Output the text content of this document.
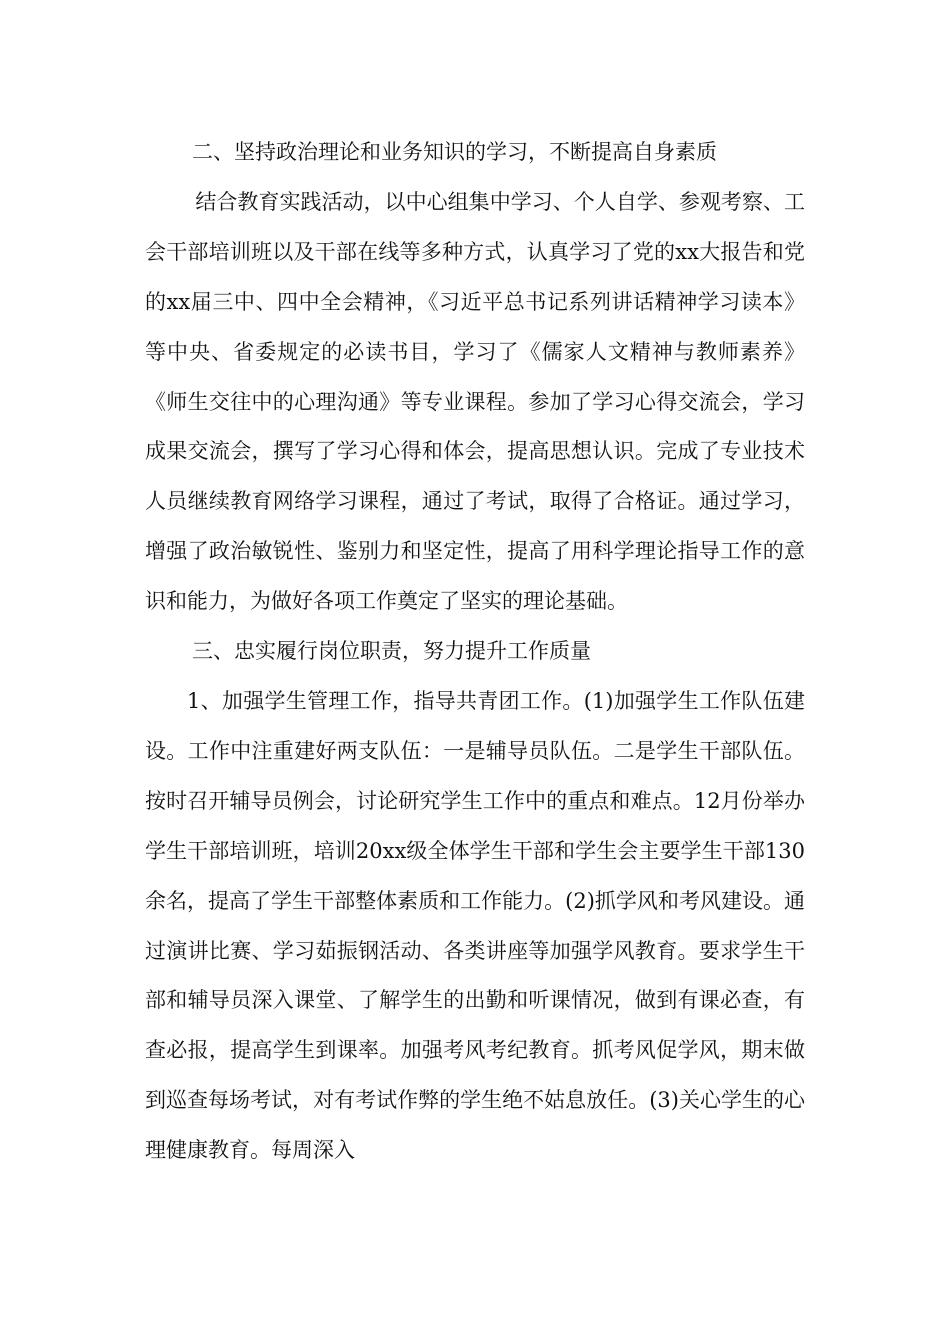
二、坚持政治理论和业务知识的学习，不断提高自身素质

结合教育实践活动，以中心组集中学习、个人自学、参观考察、工会干部培训班以及干部在线等多种方式，认真学习了党的xx大报告和党的xx届三中、四中全会精神，《习近平总书记系列讲话精神学习读本》等中央、省委规定的必读书目，学习了《儒家人文精神与教师素养》《师生交往中的心理沟通》等专业课程。参加了学习心得交流会，学习成果交流会，撰写了学习心得和体会，提高思想认识。完成了专业技术人员继续教育网络学习课程，通过了考试，取得了合格证。通过学习，增强了政治敏锐性、鉴别力和坚定性，提高了用科学理论指导工作的意识和能力，为做好各项工作奠定了坚实的理论基础。

三、忠实履行岗位职责，努力提升工作质量

1、加强学生管理工作，指导共青团工作。(1)加强学生工作队伍建设。工作中注重建好两支队伍：一是辅导员队伍。二是学生干部队伍。按时召开辅导员例会，讨论研究学生工作中的重点和难点。12月份举办学生干部培训班，培训20xx级全体学生干部和学生会主要学生干部130余名，提高了学生干部整体素质和工作能力。(2)抓学风和考风建设。通过演讲比赛、学习茹振钢活动、各类讲座等加强学风教育。要求学生干部和辅导员深入课堂、了解学生的出勤和听课情况，做到有课必查，有查必报，提高学生到课率。加强考风考纪教育。抓考风促学风，期末做到巡查每场考试，对有考试作弊的学生绝不姑息放任。(3)关心学生的心理健康教育。每周深入
